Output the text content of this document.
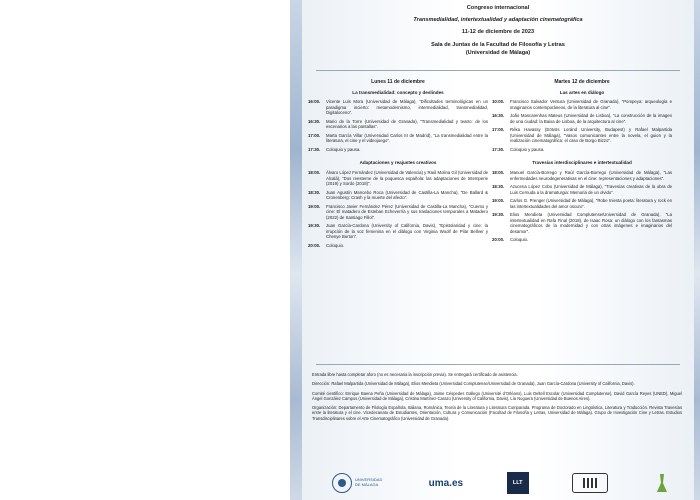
Congreso internacional
Transmedialidad, intertextualidad y adaptación cinematográfica
11-12 de diciembre de 2023
Sala de Juntas de la Facultad de Filosofía y Letras
(Universidad de Málaga)
Lunes 11 de diciembre
La transmedialidad: concepto y deslindes
16:00.	Vicente Luis Mora (Universidad de Málaga), “Dificultades terminológicas en un paradigma incierto: metamodernismo, intermedialidad, transmedialidad, Digitaloceno”.
16:30.	Mario de la Torre (Universidad de Granada), “Transmedialidad y teatro: de los escenarios a las pantallas”.
17:00.	Marta García Villar (Universidad Carlos III de Madrid), “La transmedialidad entre la literatura, el cine y el videojuego”.
17:30.	Coloquio y pausa.
Adaptaciones y reajustes creativos
18:00.	Álvaro López Fernández (Universidad de Valencia) y Raúl Molina Gil (Universidad de Alcalá), “Dos reesterne de la poquesca española: las adaptaciones de Intemperie (2019) y Sordo (2018)”.
18:30.	Juan Agustín Mancebo Roca (Universidad de Castilla-La Mancha), “De Ballard & Cronenberg: Crash y la muerte del afecto”.
19:00.	Francisco Javier Fernández Pérez (Universidad de Castilla-La Mancha), “Cuento y cine: El matadero de Esteban Echeverría y sus traslaciones temporales a Matadero (2022) de Santiago Fillol”.
19:30.	Juan García-Cardona (University of California, Davis), “Epistolaridad y cine: la irrupción de la voz femenina en el diálogo con Virginia Woolf de Pilar Bellver y Chenye Burton”.
20:00.	Coloquio.
Martes 12 de diciembre
Las artes en diálogo
10:00.	Francisco Salvador Ventura (Universidad de Granada), “Pompeya: arqueología e imaginarios contemporáneos, de la literatura al cine”.
16:30.	João Mascarenhas Mateus (Universidad de Lisboa), “La construcción de la imagen de una ciudad: la Baixa de Lisboa, de la arquitectura al cine”.
17:00.	Réka Havassy (Eötvös Loránd University, Budapest) y Rafael Malpartida (Universidad de Málaga), “Vasos comunicantes entre la novela, el guion y la realización cinematográfica: el caso de Borgo Bizzo”.
17:30.	Coloquio y pausa.
Travesías interdisciplinares e intertextualidad
18:00.	Manuel García-Borrego y Raúl García-Borrego (Universidad de Málaga), “Las enfermedades neurodegenerativas en el cine: representaciones y adaptaciones”.
18:30.	Azucena López Cobo (Universidad de Málaga), “Travesías creativas de la obra de Luis Cernuda a la dramaturgia: Memoria de un olvido”.
19:00.	Carlos G. Prenger (Universidad de Málaga), “Robe Iniesta poeta: literatura y rock en las intertextualidades del amor oscuro”.
19:30.	Elios Mendieta (Universidad Complutense/Universidad de Granada), “La intertextualidad en Rafa Final (2018), de Isaac Rosa: un diálogo con los fantasmas cinematográficos de la modernidad y con otras imágenes e imaginarios del desamor”.
20:00.	Coloquio.

Entrada libre hasta completar aforo (no es necesaria la inscripción previa). Se entregará certificado de asistencia.

Dirección: Rafael Malpartida (Universidad de Málaga), Elios Mendieta (Universidad Complutense/Universidad de Granada), Juan García-Cardona (University of California, Davis).

Comité científico: Enrique Baena Peña (Universidad de Málaga), Jaime Céspedes Gallego (Université d’Orléans), Luis Deltell Escolar (Universidad Complutense), David García Reyes (UNED), Miguel Ángel González Campos (Universidad de Málaga), Cristina Martínez-Carazo (University of California, Davis), Lía Noguera (Universidad de Buenos Aires).

Organización: Departamento de Filología Española, Italiana, Románica, Teoría de la Literatura y Literatura Comparada. Programa de Doctorado en Lingüística, Literatura y Traducción. Revista Travesías entre la literatura y el cine. Vicedecanato de Estudiantes, Orientación, Cultura y Comunicación (Facultad de Filosofía y Letras, Universidad de Málaga). Grupo de Investigación Cine y Letras. Estudios Transdisciplinares sobre el Arte Cinematográfico (Universidad de Granada).

UNIVERSIDAD DE MÁLAGA	uma.es	LLT
